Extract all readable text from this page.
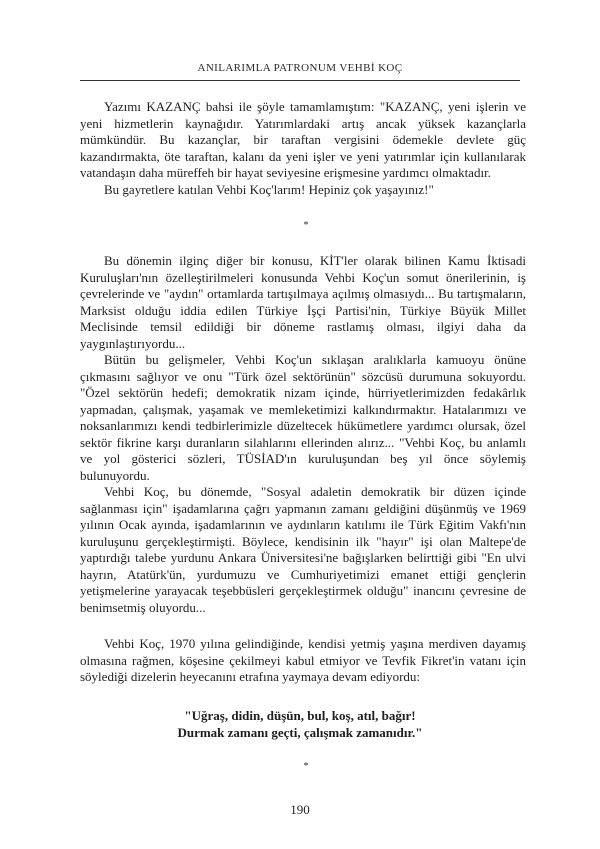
ANILARIMLA PATRONUM VEHBİ KOÇ

Yazımı KAZANÇ bahsi ile şöyle tamamlamıştım: "KAZANÇ, yeni işlerin ve yeni hizmetlerin kaynağıdır. Yatırımlardaki artış ancak yüksek kazançlarla mümkündür. Bu kazançlar, bir taraftan vergisini ödemekle devlete güç kazandırmakta, öte taraftan, kalanı da yeni işler ve yeni yatırımlar için kullanılarak vatandaşın daha müreffeh bir hayat seviyesine erişmesine yardımcı olmaktadır.

Bu gayretlere katılan Vehbi Koç'larım! Hepiniz çok yaşayınız!"

*

Bu dönemin ilginç diğer bir konusu, KİT'ler olarak bilinen Kamu İktisadi Kuruluşları'nın özelleştirilmeleri konusunda Vehbi Koç'un somut önerilerinin, iş çevrelerinde ve "aydın" ortamlarda tartışılmaya açılmış olmasıydı... Bu tartışmaların, Marksist olduğu iddia edilen Türkiye İşçi Partisi'nin, Türkiye Büyük Millet Meclisinde temsil edildiği bir döneme rastlamış olması, ilgiyi daha da yaygınlaştırıyordu...

Bütün bu gelişmeler, Vehbi Koç'un sıklaşan aralıklarla kamuoyu önüne çıkmasını sağlıyor ve onu "Türk özel sektörünün" sözcüsü durumuna sokuyordu. "Özel sektörün hedefi; demokratik nizam içinde, hürriyetlerimizden fedakârlık yapmadan, çalışmak, yaşamak ve memleketimizi kalkındırmaktır. Hatalarımızı ve noksanlarımızı kendi tedbirlerimizle düzeltecek hükümetlere yardımcı olursak, özel sektör fikrine karşı duranların silahlarını ellerinden alırız... "Vehbi Koç, bu anlamlı ve yol gösterici sözleri, TÜSİAD'ın kuruluşundan beş yıl önce söylemiş bulunuyordu.

Vehbi Koç, bu dönemde, "Sosyal adaletin demokratik bir düzen içinde sağlanması için" işadamlarına çağrı yapmanın zamanı geldiğini düşünmüş ve 1969 yılının Ocak ayında, işadamlarının ve aydınların katılımı ile Türk Eğitim Vakfı'nın kuruluşunu gerçekleştirmişti. Böylece, kendisinin ilk "hayır" işi olan Maltepe'de yaptırdığı talebe yurdunu Ankara Üniversitesi'ne bağışlarken belirttiği gibi "En ulvi hayrın, Atatürk'ün, yurdumuzu ve Cumhuriyetimizi emanet ettiği gençlerin yetişmelerine yarayacak teşebbüsleri gerçekleştirmek olduğu" inancını çevresine de benimsetmiş oluyordu...

Vehbi Koç, 1970 yılına gelindiğinde, kendisi yetmiş yaşına merdiven dayamış olmasına rağmen, köşesine çekilmeyi kabul etmiyor ve Tevfik Fikret'in vatanı için söylediği dizelerin heyecanını etrafına yaymaya devam ediyordu:

"Uğraş, didin, düşün, bul, koş, atıl, bağır!
Durmak zamanı geçti, çalışmak zamanıdır."
*
190
